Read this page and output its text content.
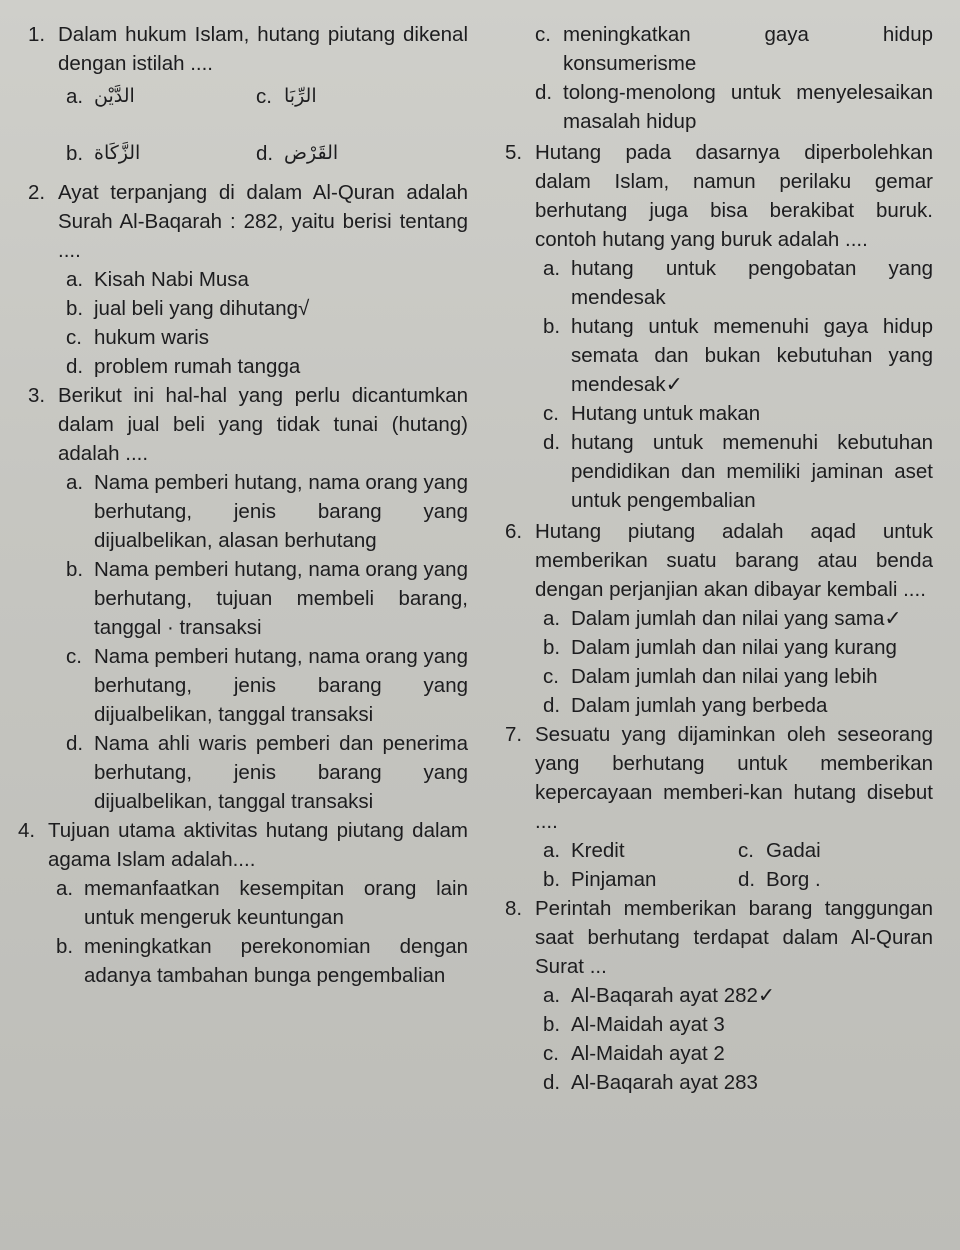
1. Dalam hukum Islam, hutang piutang dikenal dengan istilah ....
a. الدَّيْن	c. الرِّبَا
b. الزَّكَاة	d. القَرْض
2. Ayat terpanjang di dalam Al-Quran adalah Surah Al-Baqarah : 282, yaitu berisi tentang ....
a. Kisah Nabi Musa
b. jual beli yang dihutang√
c. hukum waris
d. problem rumah tangga
3. Berikut ini hal-hal yang perlu dicantumkan dalam jual beli yang tidak tunai (hutang) adalah ....
a. Nama pemberi hutang, nama orang yang berhutang, jenis barang yang dijualbelikan, alasan berhutang
b. Nama pemberi hutang, nama orang yang berhutang, tujuan membeli barang, tanggal · transaksi
c. Nama pemberi hutang, nama orang yang berhutang, jenis barang yang dijualbelikan, tanggal transaksi
d. Nama ahli waris pemberi dan penerima berhutang, jenis barang yang dijualbelikan, tanggal transaksi
4. Tujuan utama aktivitas hutang piutang dalam agama Islam adalah....
a. memanfaatkan kesempitan orang lain untuk mengeruk keuntungan
b. meningkatkan perekonomian dengan adanya tambahan bunga pengembalian
c. meningkatkan gaya hidup konsumerisme
d. tolong-menolong untuk menyelesaikan masalah hidup
5. Hutang pada dasarnya diperbolehkan dalam Islam, namun perilaku gemar berhutang juga bisa berakibat buruk. contoh hutang yang buruk adalah ....
a. hutang untuk pengobatan yang mendesak
b. hutang untuk memenuhi gaya hidup semata dan bukan kebutuhan yang mendesak✓
c. Hutang untuk makan
d. hutang untuk memenuhi kebutuhan pendidikan dan memiliki jaminan aset untuk pengembalian
6. Hutang piutang adalah aqad untuk memberikan suatu barang atau benda dengan perjanjian akan dibayar kembali ....
a. Dalam jumlah dan nilai yang sama✓
b. Dalam jumlah dan nilai yang kurang
c. Dalam jumlah dan nilai yang lebih
d. Dalam jumlah yang berbeda
7. Sesuatu yang dijaminkan oleh seseorang yang berhutang untuk memberikan kepercayaan memberi-kan hutang disebut ....
a. Kredit	c. Gadai
b. Pinjaman	d. Borg .
8. Perintah memberikan barang tanggungan saat berhutang terdapat dalam Al-Quran Surat ...
a. Al-Baqarah ayat 282✓
b. Al-Maidah ayat 3
c. Al-Maidah ayat 2
d. Al-Baqarah ayat 283
